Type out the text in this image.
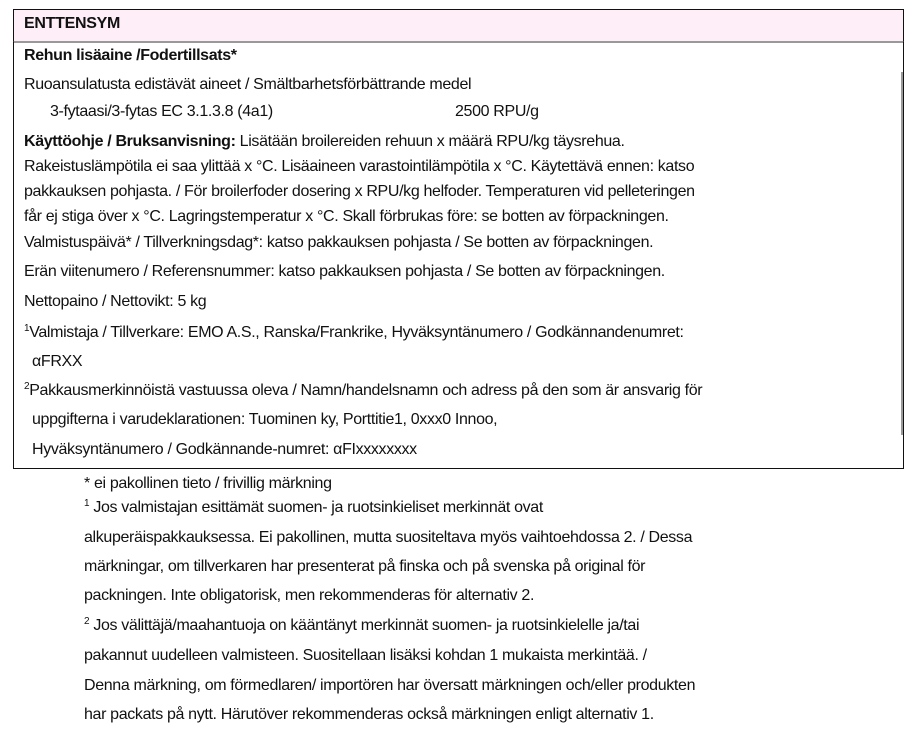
ENTTENSYM
Rehun lisäaine /Fodertillsats*
Ruoansulatusta edistävät aineet / Smältbarhetsförbättrande medel
3-fytaasi/3-fytas EC 3.1.3.8 (4a1)	2500 RPU/g
Käyttöohje / Bruksanvisning: Lisätään broilereiden rehuun x määrä RPU/kg täysrehua.
Rakeistuslämpötila ei saa ylittää x °C. Lisäaineen varastointilämpötila x °C. Käytettävä ennen: katso
pakkauksen pohjasta. / För broilerfoder dosering x RPU/kg helfoder. Temperaturen vid pelleteringen
får ej stiga över x °C. Lagringstemperatur x °C. Skall förbrukas före: se botten av förpackningen.
Valmistuspäivä* / Tillverkningsdag*: katso pakkauksen pohjasta / Se botten av förpackningen.
Erän viitenumero / Referensnummer: katso pakkauksen pohjasta / Se botten av förpackningen.
Nettopaino / Nettovikt: 5 kg
$^1$Valmistaja / Tillverkare: EMO A.S., Ranska/Frankrike, Hyväksyntänumero / Godkännandenumret:
αFRXX
$^2$Pakkausmerkinnöistä vastuussa oleva / Namn/handelsnamn och adress på den som är ansvarig för
uppgifterna i varudeklarationen: Tuominen ky, Porttitie1, 0xxx0 Innoo,
Hyväksyntänumero / Godkännande-numret: αFIxxxxxxxx
* ei pakollinen tieto / frivillig märkning
$^1$ Jos valmistajan esittämät suomen- ja ruotsinkieliset merkinnät ovat
alkuperäispakkauksessa. Ei pakollinen, mutta suositeltava myös vaihtoehdossa 2. / Dessa
märkningar, om tillverkaren har presenterat på finska och på svenska på original för
packningen. Inte obligatorisk, men rekommenderas för alternativ 2.
$^2$ Jos välittäjä/maahantuoja on kääntänyt merkinnät suomen- ja ruotsinkielelle ja/tai
pakannut uudelleen valmisteen. Suositellaan lisäksi kohdan 1 mukaista merkintää. /
Denna märkning, om förmedlaren/ importören har översatt märkningen och/eller produkten
har packats på nytt. Härutöver rekommenderas också märkningen enligt alternativ 1.
